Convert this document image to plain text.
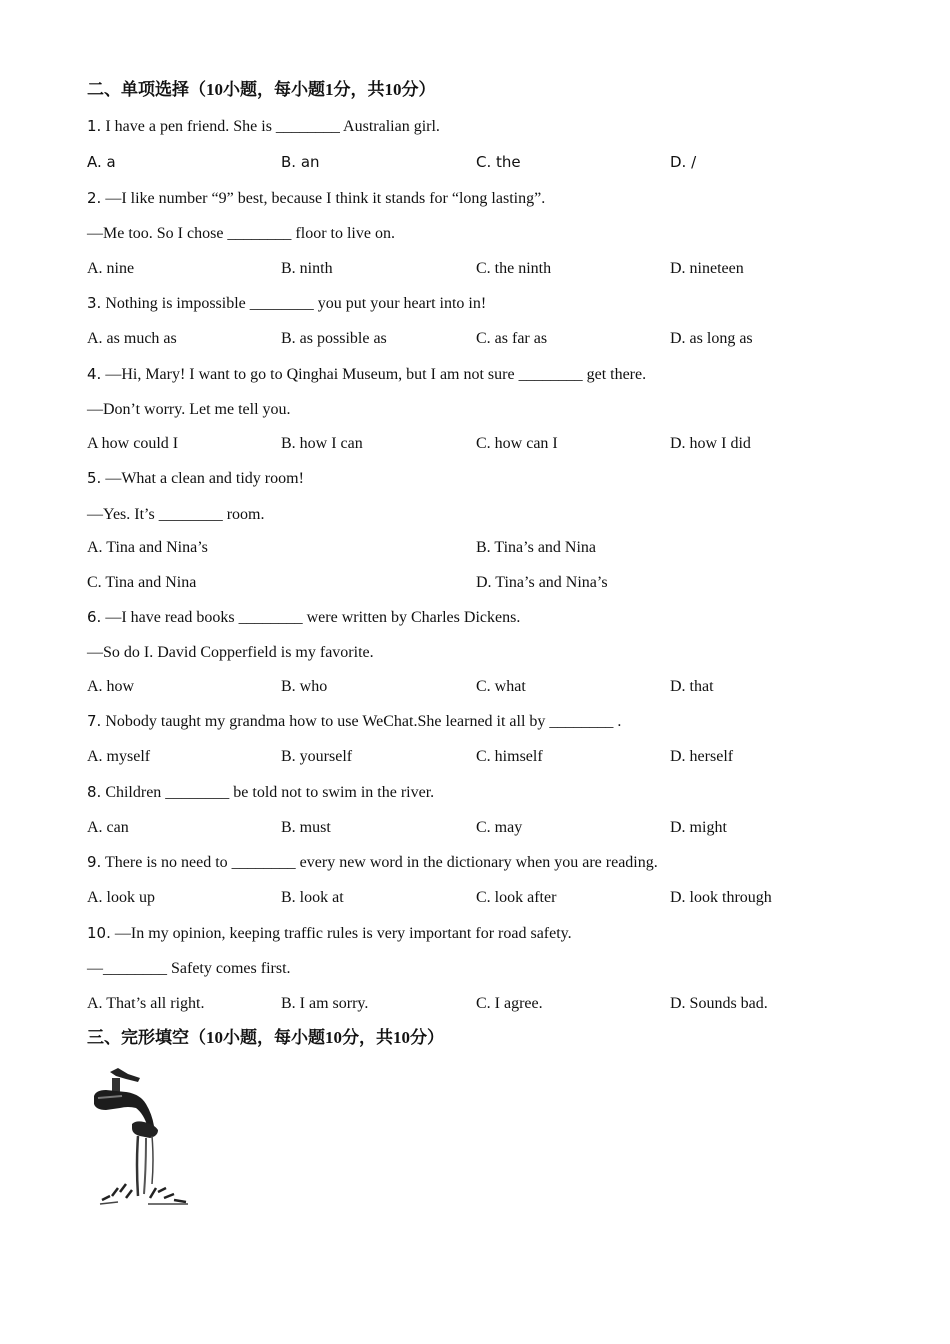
二、单项选择（10小题，每小题1分，共10分）
1. I have a pen friend. She is ________ Australian girl.
A. a	B. an	C. the	D. /
2. —I like number “9” best, because I think it stands for “long lasting”.
—Me too. So I chose ________ floor to live on.
A. nine	B. ninth	C. the ninth	D. nineteen
3. Nothing is impossible ________ you put your heart into in!
A. as much as	B. as possible as	C. as far as	D. as long as
4. —Hi, Mary! I want to go to Qinghai Museum, but I am not sure ________ get there.
—Don’t worry. Let me tell you.
A how could I	B. how I can	C. how can I	D. how I did
5. —What a clean and tidy room!
—Yes. It’s ________ room.
A. Tina and Nina’s	B. Tina’s and Nina
C. Tina and Nina	D. Tina’s and Nina’s
6. —I have read books ________ were written by Charles Dickens.
—So do I. David Copperfield is my favorite.
A. how	B. who	C. what	D. that
7. Nobody taught my grandma how to use WeChat.She learned it all by ________ .
A. myself	B. yourself	C. himself	D. herself
8. Children ________ be told not to swim in the river.
A. can	B. must	C. may	D. might
9. There is no need to ________ every new word in the dictionary when you are reading.
A. look up	B. look at	C. look after	D. look through
10. —In my opinion, keeping traffic rules is very important for road safety.
—________ Safety comes first.
A. That’s all right.	B. I am sorry.	C. I agree.	D. Sounds bad.
三、完形填空（10小题，每小题10分，共10分）
